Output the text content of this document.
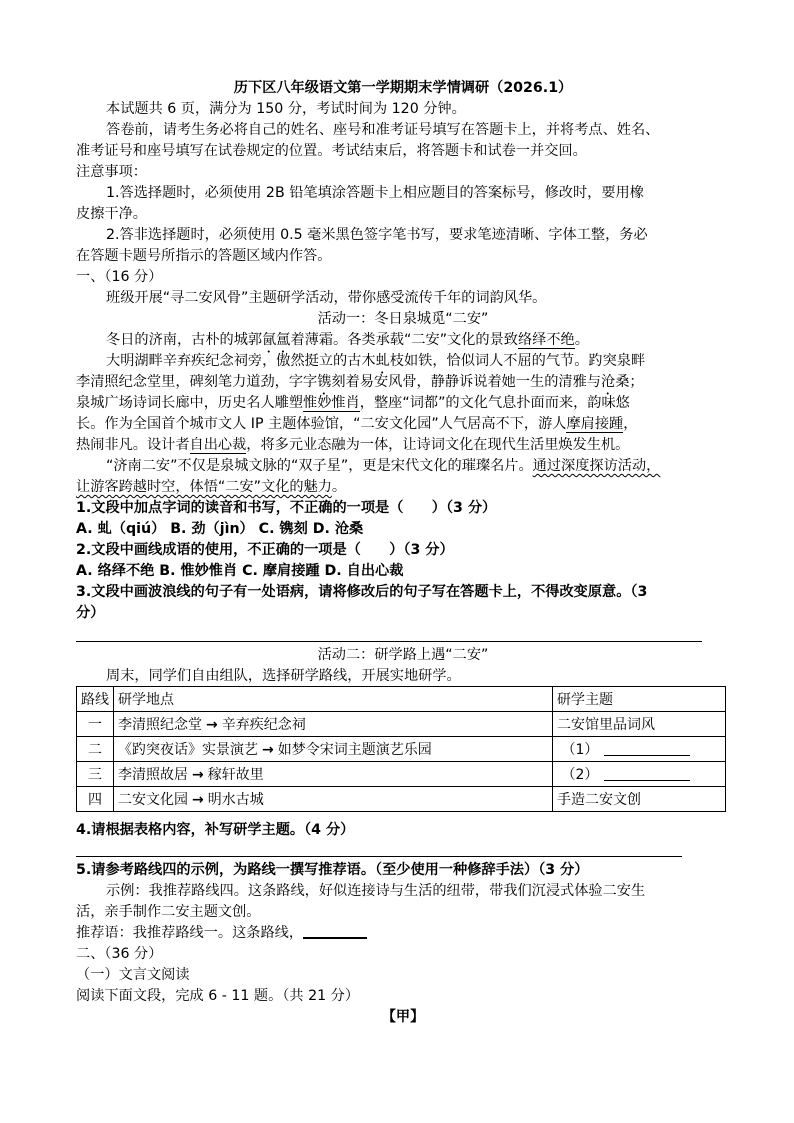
历下区八年级语文第一学期期末学情调研（2026.1）
本试题共 6 页，满分为 150 分，考试时间为 120 分钟。
答卷前，请考生务必将自己的姓名、座号和准考证号填写在答题卡上，并将考点、姓名、
准考证号和座号填写在试卷规定的位置。考试结束后，将答题卡和试卷一并交回。
注意事项：
1.答选择题时，必须使用 2B 铅笔填涂答题卡上相应题目的答案标号，修改时，要用橡
皮擦干净。
2.答非选择题时，必须使用 0.5 毫米黑色签字笔书写，要求笔迹清晰、字体工整，务必
在答题卡题号所指示的答题区域内作答。
一、（16 分）
班级开展“寻二安风骨”主题研学活动，带你感受流传千年的词韵风华。
活动一：冬日泉城觅“二安”
冬日的济南，古朴的城郭氤氲着薄霜。各类承载“二安”文化的景致络绎不绝。
大明湖畔辛弃疾纪念祠旁，傲然挺立的古木虬枝如铁，恰似词人不屈的气节。趵突泉畔
李清照纪念堂里，碑刻笔力道劲，字字镌刻着易安风骨，静静诉说着她一生的清雅与沧桑；
泉城广场诗词长廊中，历史名人雕塑惟妙惟肖，整座“词都”的文化气息扑面而来，韵味悠
长。作为全国首个城市文人 IP 主题体验馆，“二安文化园”人气居高不下，游人摩肩接踵，
热闹非凡。设计者自出心裁，将多元业态融为一体，让诗词文化在现代生活里焕发生机。
“济南二安”不仅是泉城文脉的“双子星”，更是宋代文化的璀璨名片。通过深度探访活动，
让游客跨越时空，体悟“二安”文化的魅力。
1.文段中加点字词的读音和书写，不正确的一项是（　　）（3 分）
A. 虬（qiú） B. 劲（jìn） C. 镌刻 D. 沧桑
2.文段中画线成语的使用，不正确的一项是（　　）（3 分）
A. 络绎不绝 B. 惟妙惟肖 C. 摩肩接踵 D. 自出心裁
3.文段中画波浪线的句子有一处语病，请将修改后的句子写在答题卡上，不得改变原意。（3
分）
活动二：研学路上遇“二安”
周末，同学们自由组队，选择研学路线，开展实地研学。
路线	研学地点	研学主题
一	李清照纪念堂 → 辛弃疾纪念祠	二安馆里品词风
二	《趵突夜话》实景演艺 → 如梦令宋词主题演艺乐园	（1）
三	李清照故居 → 稼轩故里	（2）
四	二安文化园 → 明水古城	手造二安文创
4.请根据表格内容，补写研学主题。（4 分）
5.请参考路线四的示例，为路线一撰写推荐语。（至少使用一种修辞手法）（3 分）
示例：我推荐路线四。这条路线，好似连接诗与生活的纽带，带我们沉浸式体验二安生
活，亲手制作二安主题文创。
推荐语：我推荐路线一。这条路线，
二、（36 分）
（一）文言文阅读
阅读下面文段，完成 6 - 11 题。（共 21 分）
【甲】
